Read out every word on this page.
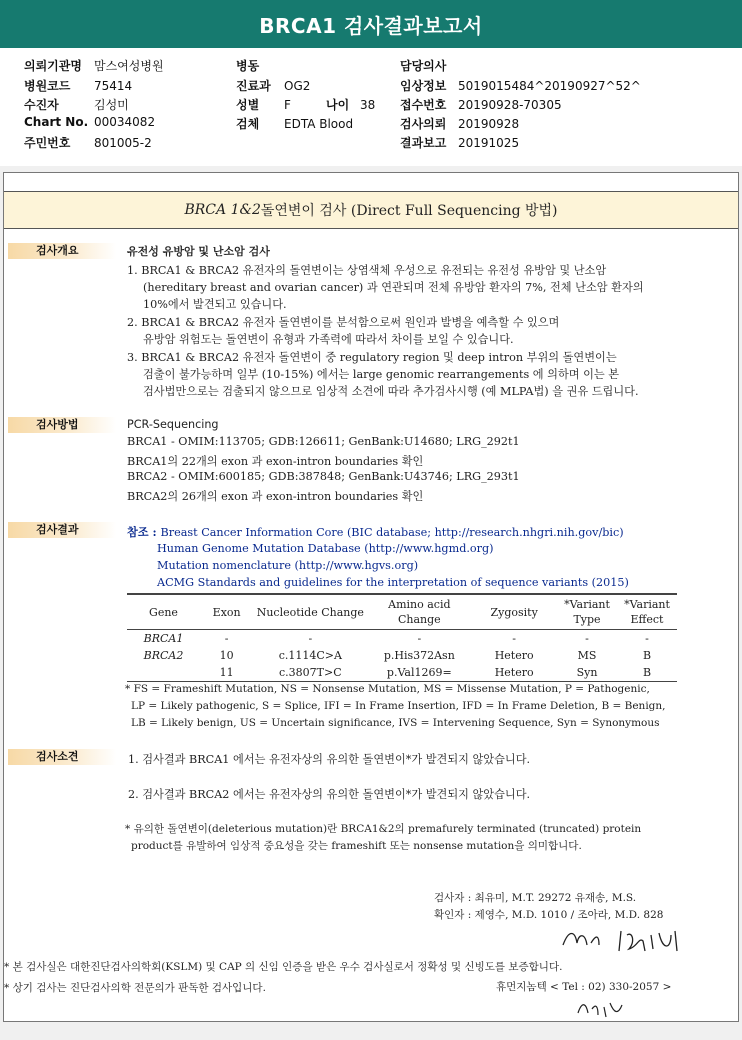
BRCA1 검사결과보고서
의뢰기관명 맘스여성병원
병원코드 75414
수진자	김성미
Chart No. 00034082
주민번호 801005-2
병동
진료과 OG2
성별 F	나이 38
검체 EDTA Blood
담당의사
임상정보 5019015484^20190927^52^
접수번호 20190928-70305
검사의뢰 20190928
결과보고 20191025
BRCA 1&2 돌연변이 검사 (Direct Full Sequencing 방법)
검사개요	유전성 유방암 및 난소암 검사
1. BRCA1 & BRCA2 유전자의 돌연변이는 상염색체 우성으로 유전되는 유전성 유방암 및 난소암
(hereditary breast and ovarian cancer) 과 연관되며 전체 유방암 환자의 7%, 전체 난소암 환자의
10%에서 발견되고 있습니다.
2. BRCA1 & BRCA2 유전자 돌연변이를 분석함으로써 원인과 발병을 예측할 수 있으며
유방암 위험도는 돌연변이 유형과 가족력에 따라서 차이를 보일 수 있습니다.
3. BRCA1 & BRCA2 유전자 돌연변이 중 regulatory region 및 deep intron 부위의 돌연변이는
검출이 불가능하며 일부 (10-15%) 에서는 large genomic rearrangements 에 의하며 이는 본
검사법만으로는 검출되지 않으므로 임상적 소견에 따라 추가검사시행 (예 MLPA법) 을 권유 드립니다.
검사방법	PCR-Sequencing
BRCA1 - OMIM:113705; GDB:126611; GenBank:U14680; LRG_292t1
BRCA1의 22개의 exon 과 exon-intron boundaries 확인
BRCA2 - OMIM:600185; GDB:387848; GenBank:U43746; LRG_293t1
BRCA2의 26개의 exon 과 exon-intron boundaries 확인
검사결과	참조 : Breast Cancer Information Core (BIC database; http://research.nhgri.nih.gov/bic)
Human Genome Mutation Database (http://www.hgmd.org)
Mutation nomenclature (http://www.hgvs.org)
ACMG Standards and guidelines for the interpretation of sequence variants (2015)
Gene	Exon	Nucleotide Change	Amino acid Change	Zygosity	*Variant Type	*Variant Effect
BRCA1	-	-	-	-	-	-
BRCA2	10	c.1114C>A	p.His372Asn	Hetero	MS	B
	11	c.3807T>C	p.Val1269=	Hetero	Syn	B
* FS = Frameshift Mutation, NS = Nonsense Mutation, MS = Missense Mutation, P = Pathogenic,
LP = Likely pathogenic, S = Splice, IFI = In Frame Insertion, IFD = In Frame Deletion, B = Benign,
LB = Likely benign, US = Uncertain significance, IVS = Intervening Sequence, Syn = Synonymous
검사소견	1. 검사결과 BRCA1 에서는 유전자상의 유의한 돌연변이*가 발견되지 않았습니다.
2. 검사결과 BRCA2 에서는 유전자상의 유의한 돌연변이*가 발견되지 않았습니다.
* 유의한 돌연변이(deleterious mutation)란 BRCA1&2의 premafurely terminated (truncated) protein
product를 유발하여 임상적 중요성을 갖는 frameshift 또는 nonsense mutation을 의미합니다.
검사자 : 최유미, M.T. 29272 유재송, M.S.
확인자 : 제영수, M.D. 1010 / 조아라, M.D. 828
* 본 검사실은 대한진단검사의학회(KSLM) 및 CAP 의 신임 인증을 받은 우수 검사실로서 정확성 및 신빙도를 보증합니다.
* 상기 검사는 진단검사의학 전문의가 판독한 검사입니다.	휴먼지놈텍 < Tel : 02) 330-2057 >
